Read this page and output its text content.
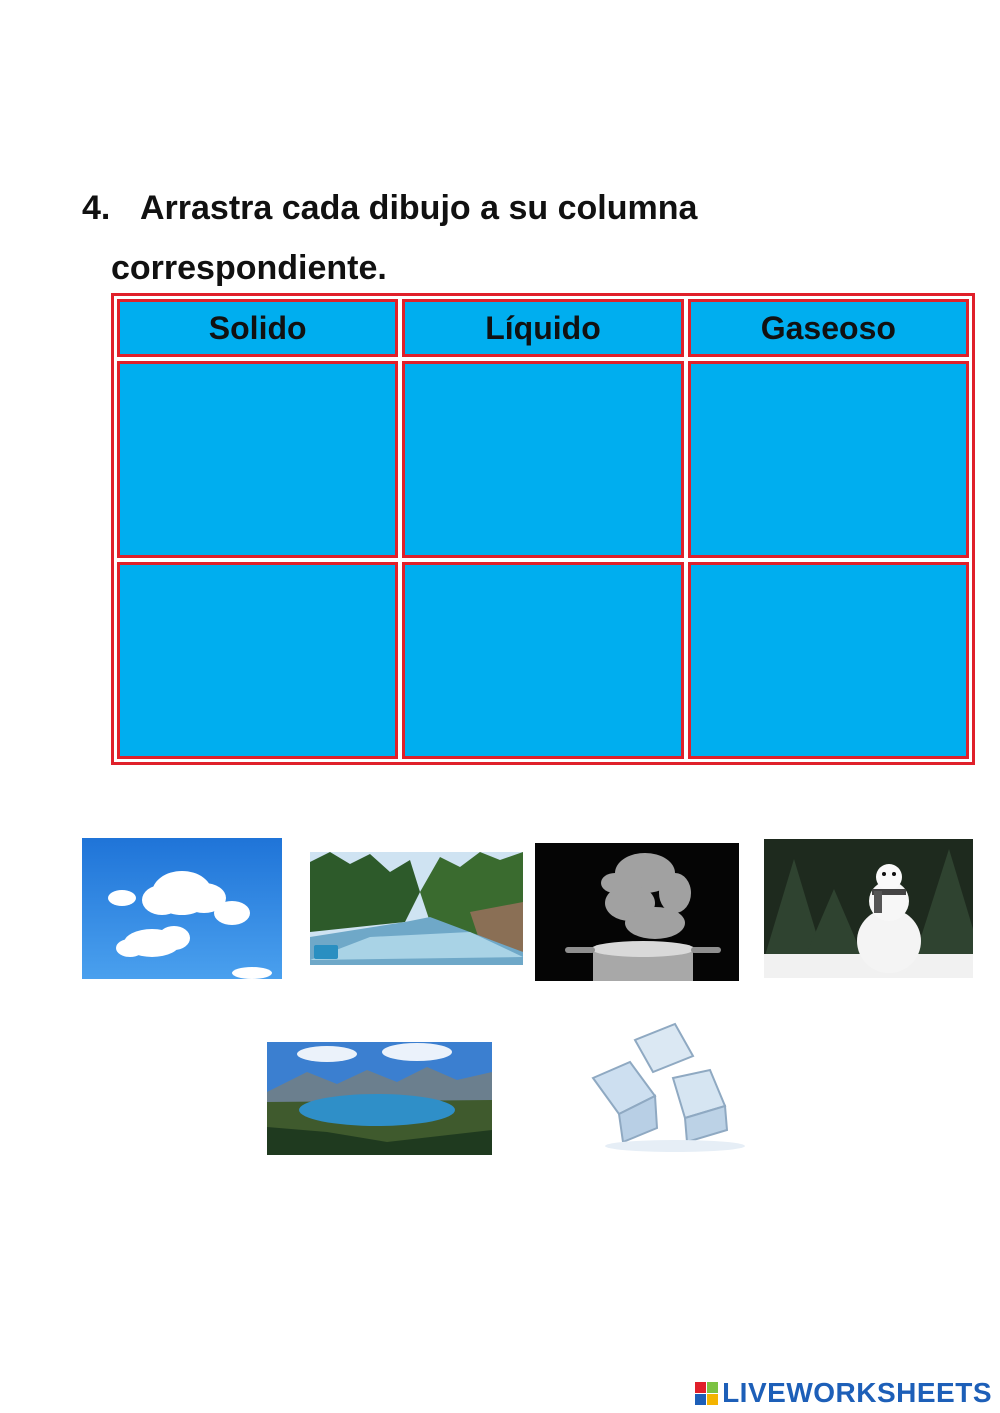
4. Arrastra cada dibujo a su columna
correspondiente.
Solido	Líquido	Gaseoso
LIVEWORKSHEETS
